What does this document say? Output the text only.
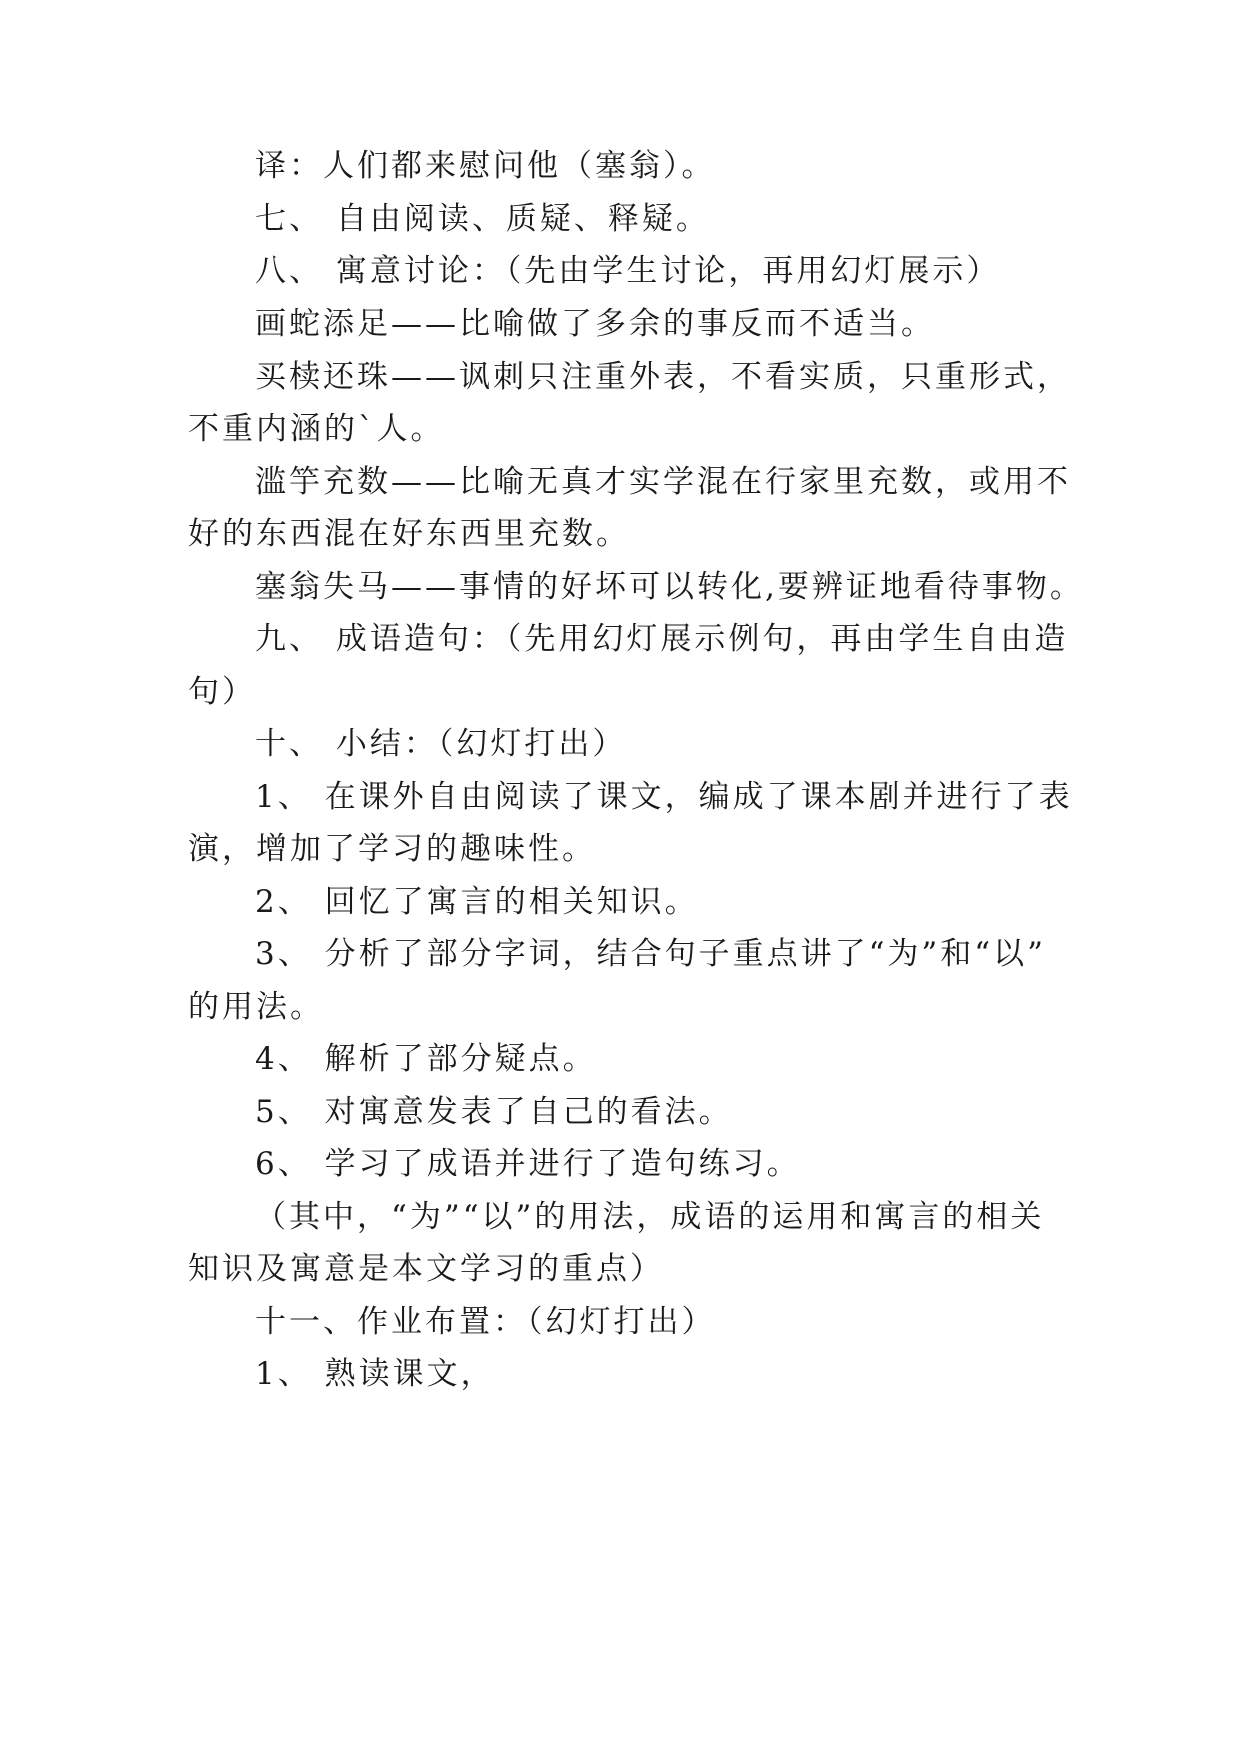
译：人们都来慰问他（塞翁）。
七、 自由阅读、质疑、释疑。
八、 寓意讨论：（先由学生讨论，再用幻灯展示）
画蛇添足——比喻做了多余的事反而不适当。
买椟还珠——讽刺只注重外表，不看实质，只重形式，
不重内涵的`人。
滥竽充数——比喻无真才实学混在行家里充数，或用不
好的东西混在好东西里充数。
塞翁失马——事情的好坏可以转化,要辨证地看待事物。
九、 成语造句：（先用幻灯展示例句，再由学生自由造
句）
十、 小结：（幻灯打出）
1、 在课外自由阅读了课文，编成了课本剧并进行了表
演，增加了学习的趣味性。
2、 回忆了寓言的相关知识。
3、 分析了部分字词，结合句子重点讲了“为”和“以”
的用法。
4、 解析了部分疑点。
5、 对寓意发表了自己的看法。
6、 学习了成语并进行了造句练习。
（其中，“为”“以”的用法，成语的运用和寓言的相关
知识及寓意是本文学习的重点）
十一、作业布置：（幻灯打出）
1、 熟读课文，
